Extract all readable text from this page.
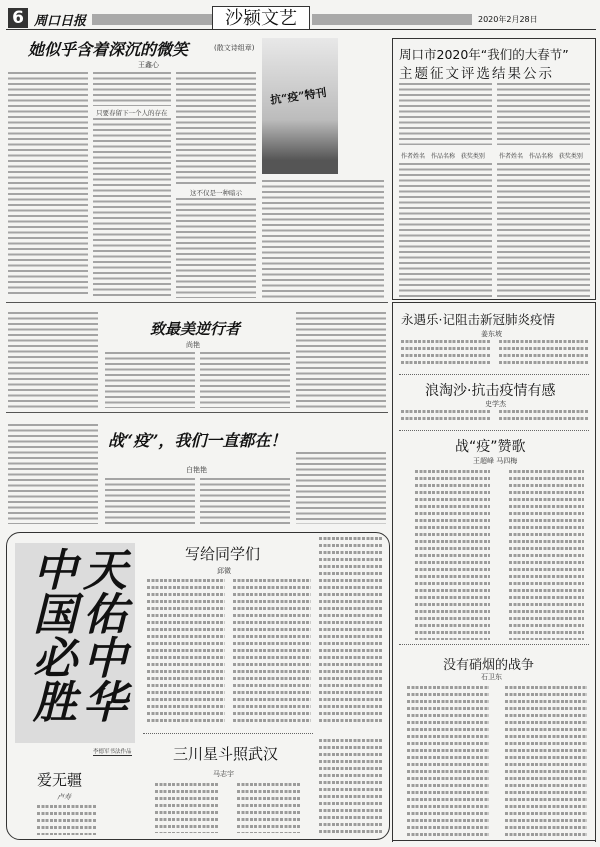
6 周口日报	沙颍文艺	2020年2月28日
她似乎含着深沉的微笑	(散文诗组章)
王鑫心
只要春留下一个人的存在
这不仅是一种暗示
抗“疫”特刊
周口市2020年“我们的大春节”
主题征文评选结果公示
作者姓名 作品名称 获奖类别 作者姓名 作品名称 获奖类别
致最美逆行者
尚艳
战“疫”，我们一直都在！
白艳艳
永遇乐·记阻击新冠肺炎疫情
姜东坡
浪淘沙·抗击疫情有感
史学杰
战“疫”赞歌
王超峰 马四梅
没有硝烟的战争
石卫东
天佑中华 中国必胜
李德军书法作品
写给同学们
邱微
三川星斗照武汉
马志宇
爱无疆
卢寿
